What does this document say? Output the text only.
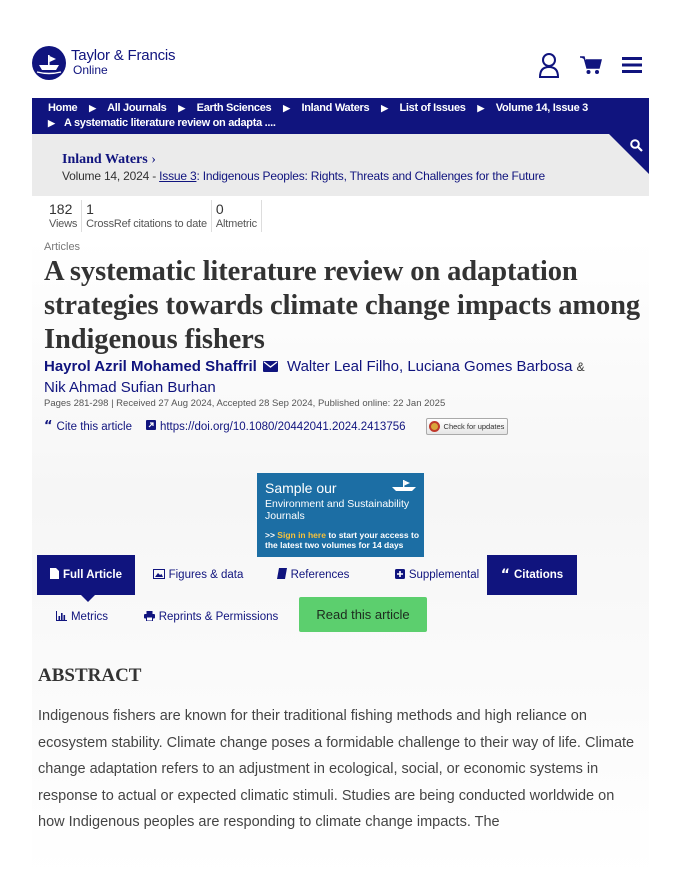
Taylor & Francis
Online
Home ▶ All Journals ▶ Earth Sciences ▶ Inland Waters ▶ List of Issues ▶ Volume 14, Issue 3
▶ A systematic literature review on adapta ....
Inland Waters ›
Volume 14, 2024 - Issue 3: Indigenous Peoples: Rights, Threats and Challenges for the Future
182
Views
1
CrossRef citations to date
0
Altmetric
Articles
A systematic literature review on adaptation strategies towards climate change impacts among Indigenous fishers
Hayrol Azril Mohamed Shaffril Walter Leal Filho, Luciana Gomes Barbosa &
Nik Ahmad Sufian Burhan
Pages 281-298 | Received 27 Aug 2024, Accepted 28 Sep 2024, Published online: 22 Jan 2025
“ Cite this article https://doi.org/10.1080/20442041.2024.2413756	Check for updates
Sample our
Environment and Sustainability Journals
>> Sign in here to start your access to the latest two volumes for 14 days
Full Article	Figures & data	References	Supplemental “ Citations
Metrics	Reprints & Permissions	Read this article
ABSTRACT

Indigenous fishers are known for their traditional fishing methods and high reliance on ecosystem stability. Climate change poses a formidable challenge to their way of life. Climate change adaptation refers to an adjustment in ecological, social, or economic systems in response to actual or expected climatic stimuli. Studies are being conducted worldwide on how Indigenous peoples are responding to climate change impacts. The
